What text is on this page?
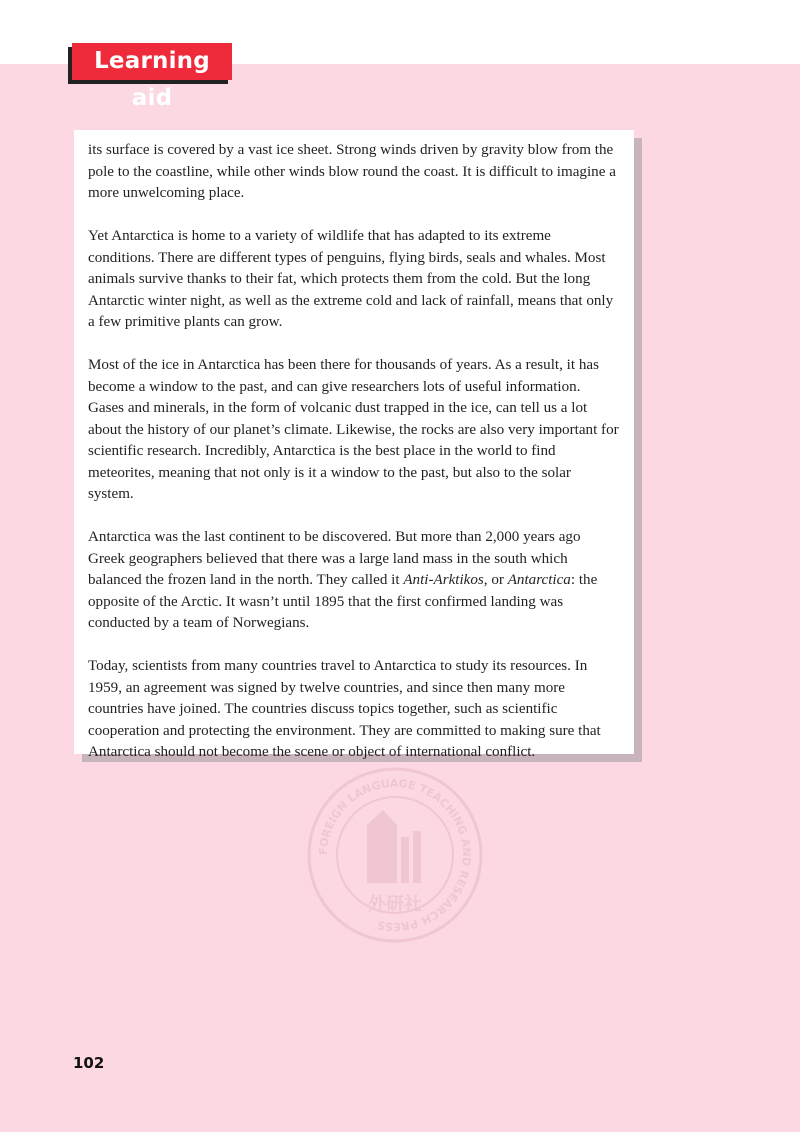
Learning aid

its surface is covered by a vast ice sheet. Strong winds driven by gravity blow from the pole to the coastline, while other winds blow round the coast. It is difficult to imagine a more unwelcoming place.

Yet Antarctica is home to a variety of wildlife that has adapted to its extreme conditions. There are different types of penguins, flying birds, seals and whales. Most animals survive thanks to their fat, which protects them from the cold. But the long Antarctic winter night, as well as the extreme cold and lack of rainfall, means that only a few primitive plants can grow.

Most of the ice in Antarctica has been there for thousands of years. As a result, it has become a window to the past, and can give researchers lots of useful information. Gases and minerals, in the form of volcanic dust trapped in the ice, can tell us a lot about the history of our planet’s climate. Likewise, the rocks are also very important for scientific research. Incredibly, Antarctica is the best place in the world to find meteorites, meaning that not only is it a window to the past, but also to the solar system.

Antarctica was the last continent to be discovered. But more than 2,000 years ago Greek geographers believed that there was a large land mass in the south which balanced the frozen land in the north. They called it Anti-Arktikos, or Antarctica: the opposite of the Arctic. It wasn’t until 1895 that the first confirmed landing was conducted by a team of Norwegians.

Today, scientists from many countries travel to Antarctica to study its resources. In 1959, an agreement was signed by twelve countries, and since then many more countries have joined. The countries discuss topics together, such as scientific cooperation and protecting the environment. They are committed to making sure that Antarctica should not become the scene or object of international conflict.

FOREIGN LANGUAGE TEACHING AND RESEARCH PRESS
外研社
102
